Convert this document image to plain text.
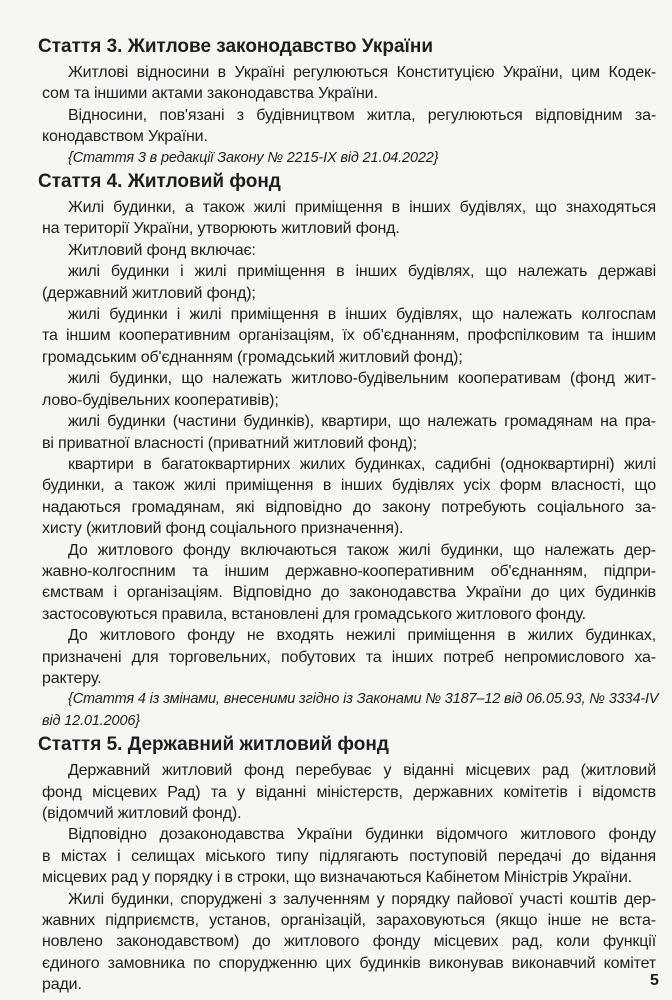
Стаття 3. Житлове законодавство України
Житлові відносини в Україні регулюються Конституцією України, цим Кодек-
сом та іншими актами законодавства України.
Відносини, пов'язані з будівництвом житла, регулюються відповідним за-
конодавством України.
{Стаття 3 в редакції Закону № 2215-IX від 21.04.2022}
Стаття 4. Житловий фонд
Жилі будинки, а також жилі приміщення в інших будівлях, що знаходяться
на території України, утворюють житловий фонд.
Житловий фонд включає:
жилі будинки і жилі приміщення в інших будівлях, що належать державі
(державний житловий фонд);
жилі будинки і жилі приміщення в інших будівлях, що належать колгоспам
та іншим кооперативним організаціям, їх об'єднанням, профспілковим та іншим
громадським об'єднанням (громадський житловий фонд);
жилі будинки, що належать житлово-будівельним кооперативам (фонд жит-
лово-будівельних кооперативів);
жилі будинки (частини будинків), квартири, що належать громадянам на пра-
ві приватної власності (приватний житловий фонд);
квартири в багатоквартирних жилих будинках, садибні (одноквартирні) жилі
будинки, а також жилі приміщення в інших будівлях усіх форм власності, що
надаються громадянам, які відповідно до закону потребують соціального за-
хисту (житловий фонд соціального призначення).
До житлового фонду включаються також жилі будинки, що належать дер-
жавно-колгоспним та іншим державно-кооперативним об'єднанням, підпри-
ємствам і організаціям. Відповідно до законодавства України до цих будинків
застосовуються правила, встановлені для громадського житлового фонду.
До житлового фонду не входять нежилі приміщення в жилих будинках,
призначені для торговельних, побутових та інших потреб непромислового ха-
рактеру.
{Стаття 4 із змінами, внесеними згідно із Законами № 3187–12 від 06.05.93, № 3334-IV
від 12.01.2006}
Стаття 5. Державний житловий фонд
Державний житловий фонд перебуває у віданні місцевих рад (житловий
фонд місцевих Рад) та у віданні міністерств, державних комітетів і відомств
(відомчий житловий фонд).
Відповідно дозаконодавства України будинки відомчого житлового фонду
в містах і селищах міського типу підлягають поступовій передачі до відання
місцевих рад у порядку і в строки, що визначаються Кабінетом Міністрів України.
Жилі будинки, споруджені з залученням у порядку пайової участі коштів дер-
жавних підприємств, установ, організацій, зараховуються (якщо інше не вста-
новлено законодавством) до житлового фонду місцевих рад, коли функції
єдиного замовника по спорудженню цих будинків виконував виконавчий комітет
ради.	5
